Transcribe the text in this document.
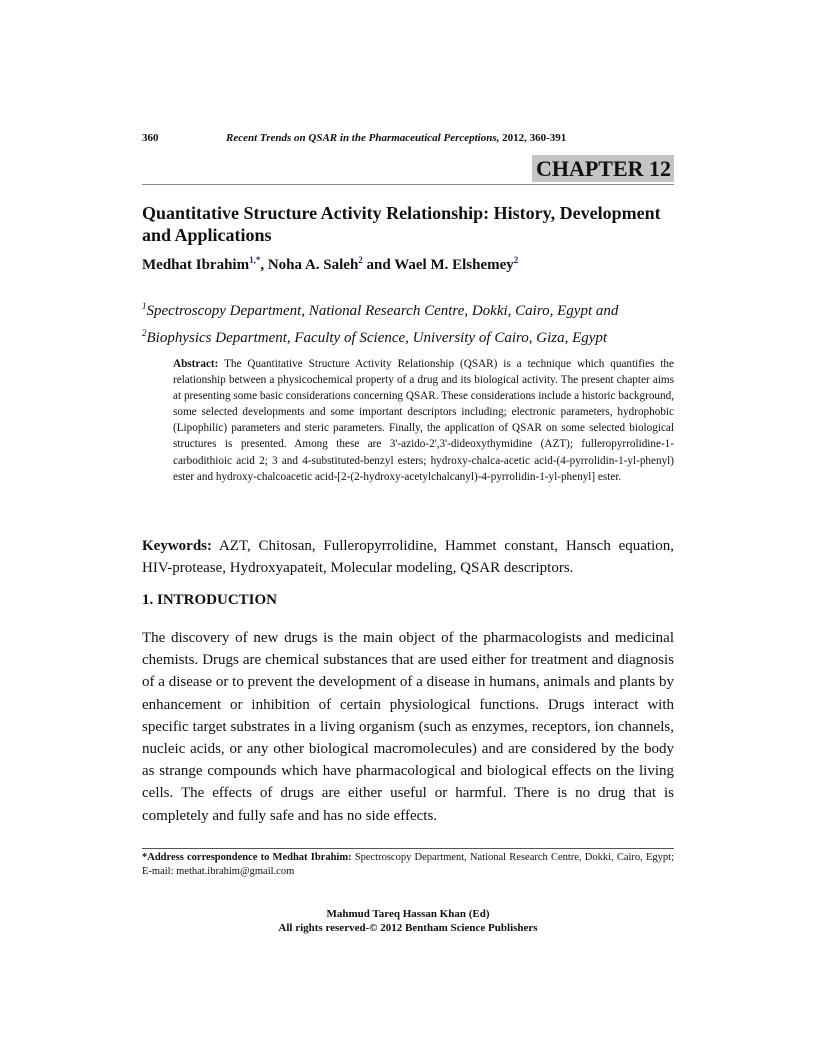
360	Recent Trends on QSAR in the Pharmaceutical Perceptions, 2012, 360-391
CHAPTER 12
Quantitative Structure Activity Relationship: History, Development and Applications
Medhat Ibrahim$^{1,*}$, Noha A. Saleh$^2$ and Wael M. Elshemey$^2$
$^1$Spectroscopy Department, National Research Centre, Dokki, Cairo, Egypt and
$^2$Biophysics Department, Faculty of Science, University of Cairo, Giza, Egypt
Abstract: The Quantitative Structure Activity Relationship (QSAR) is a technique which quantifies the relationship between a physicochemical property of a drug and its biological activity. The present chapter aims at presenting some basic considerations concerning QSAR. These considerations include a historic background, some selected developments and some important descriptors including; electronic parameters, hydrophobic (Lipophilic) parameters and steric parameters. Finally, the application of QSAR on some selected biological structures is presented. Among these are 3'-azido-2',3'-dideoxythymidine (AZT); fulleropyrrolidine-1-carbodithioic acid 2; 3 and 4-substituted-benzyl esters; hydroxy-chalca-acetic acid-(4-pyrrolidin-1-yl-phenyl) ester and hydroxy-chalcoacetic acid-[2-(2-hydroxy-acetylchalcanyl)-4-pyrrolidin-1-yl-phenyl] ester.
Keywords: AZT, Chitosan, Fulleropyrrolidine, Hammet constant, Hansch equation, HIV-protease, Hydroxyapateit, Molecular modeling, QSAR descriptors.
1. INTRODUCTION
The discovery of new drugs is the main object of the pharmacologists and medicinal chemists. Drugs are chemical substances that are used either for treatment and diagnosis of a disease or to prevent the development of a disease in humans, animals and plants by enhancement or inhibition of certain physiological functions. Drugs interact with specific target substrates in a living organism (such as enzymes, receptors, ion channels, nucleic acids, or any other biological macromolecules) and are considered by the body as strange compounds which have pharmacological and biological effects on the living cells. The effects of drugs are either useful or harmful. There is no drug that is completely and fully safe and has no side effects.
*Address correspondence to Medhat Ibrahim: Spectroscopy Department, National Research Centre, Dokki, Cairo, Egypt; E-mail: methat.ibrahim@gmail.com
Mahmud Tareq Hassan Khan (Ed)
All rights reserved-© 2012 Bentham Science Publishers
